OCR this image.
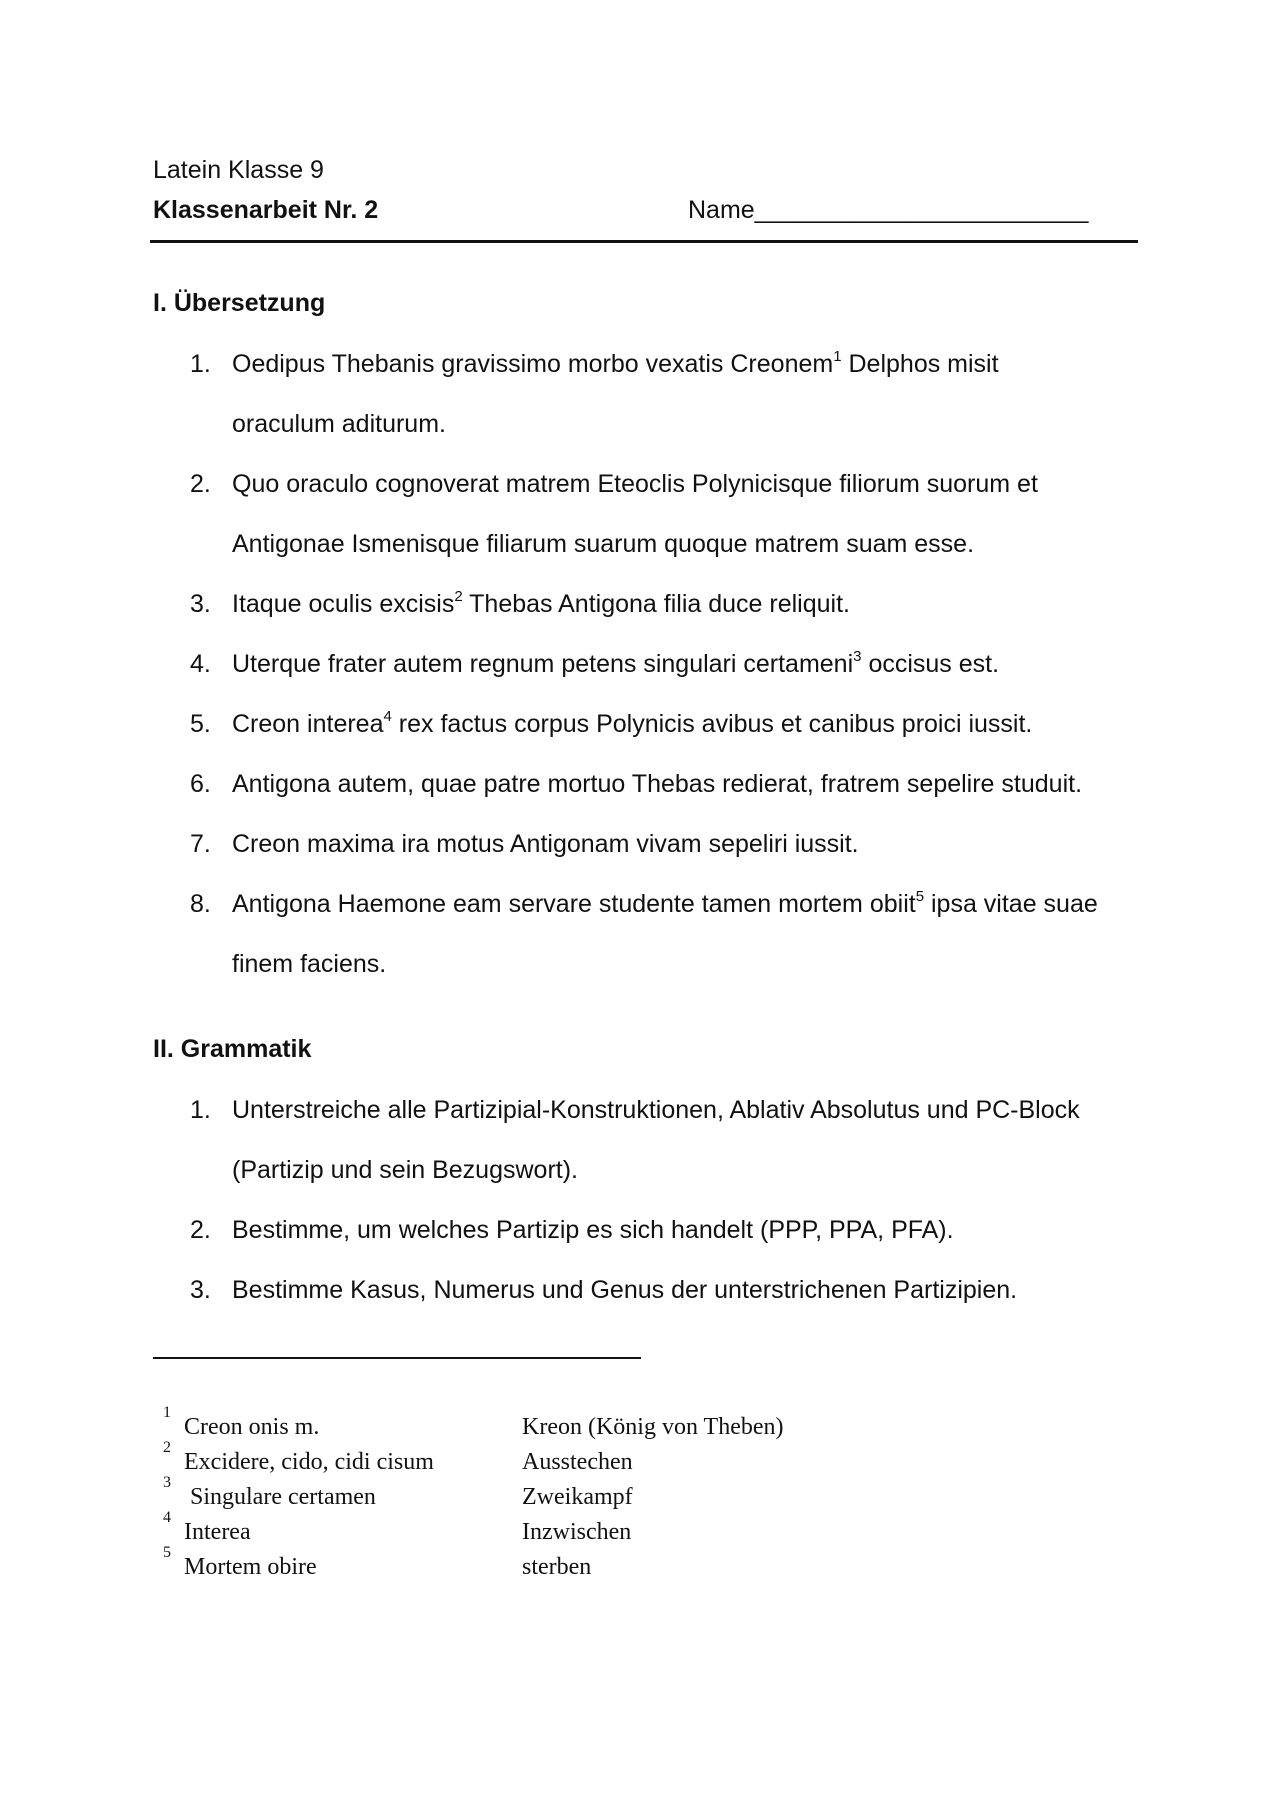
Latein Klasse 9
Klassenarbeit Nr. 2	Name________________________
I. Übersetzung
1. Oedipus Thebanis gravissimo morbo vexatis Creonem$^1$ Delphos misit
oraculum aditurum.
2. Quo oraculo cognoverat matrem Eteoclis Polynicisque filiorum suorum et
Antigonae Ismenisque filiarum suarum quoque matrem suam esse.
3. Itaque oculis excisis$^2$ Thebas Antigona filia duce reliquit.
4. Uterque frater autem regnum petens singulari certameni$^3$ occisus est.
5. Creon interea$^4$ rex factus corpus Polynicis avibus et canibus proici iussit.
6. Antigona autem, quae patre mortuo Thebas redierat, fratrem sepelire studuit.
7. Creon maxima ira motus Antigonam vivam sepeliri iussit.
8. Antigona Haemone eam servare studente tamen mortem obiit$^5$ ipsa vitae suae
finem faciens.
II. Grammatik
1. Unterstreiche alle Partizipial-Konstruktionen, Ablativ Absolutus und PC-Block
(Partizip und sein Bezugswort).
2. Bestimme, um welches Partizip es sich handelt (PPP, PPA, PFA).
3. Bestimme Kasus, Numerus und Genus der unterstrichenen Partizipien.
1
Creon onis m.	Kreon (König von Theben)
2
Excidere, cido, cidi cisum	Ausstechen
3
Singulare certamen	Zweikampf
4
Interea	Inzwischen
5
Mortem obire	sterben
